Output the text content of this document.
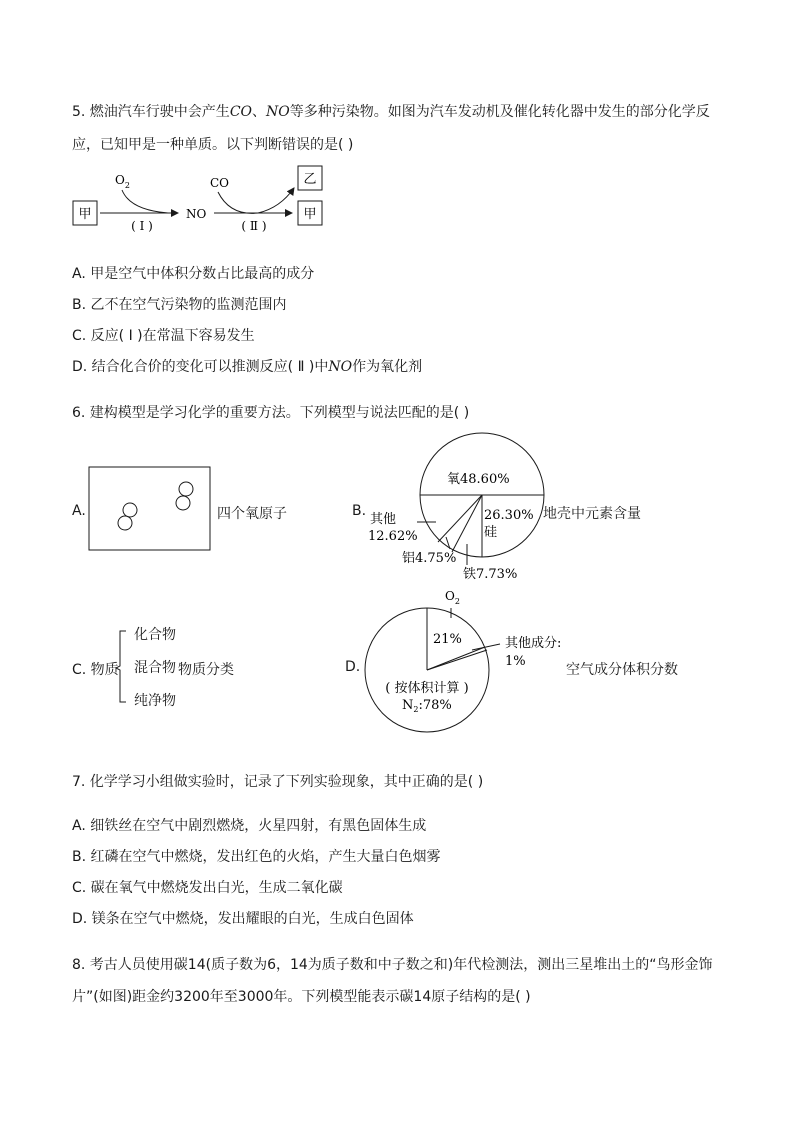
5. 燃油汽车行驶中会产生CO、NO等多种污染物。如图为汽车发动机及催化转化器中发生的部分化学反
应，已知甲是一种单质。以下判断错误的是( )
甲
$O_2$
( Ⅰ )
NO
CO
( Ⅱ )
乙
甲
A. 甲是空气中体积分数占比最高的成分
B. 乙不在空气污染物的监测范围内
C. 反应( Ⅰ )在常温下容易发生
D. 结合化合价的变化可以推测反应( Ⅱ )中NO作为氧化剂
6. 建构模型是学习化学的重要方法。下列模型与说法匹配的是( )
A.	四个氧原子	B.
氧48.60%
26.30%
硅
其他
12.62%
铝4.75%
铁7.73%
地壳中元素含量
C. 物质
化合物
混合物 物质分类
纯净物
D.
$O_2$
21%	其他成分:
1%
( 按体积计算 )
$N_2:78\%$
空气成分体积分数
7. 化学学习小组做实验时，记录了下列实验现象，其中正确的是( )
A. 细铁丝在空气中剧烈燃烧，火星四射，有黑色固体生成
B. 红磷在空气中燃烧，发出红色的火焰，产生大量白色烟雾
C. 碳在氧气中燃烧发出白光，生成二氧化碳
D. 镁条在空气中燃烧，发出耀眼的白光，生成白色固体
8. 考古人员使用碳14(质子数为6，14为质子数和中子数之和)年代检测法，测出三星堆出土的“鸟形金饰
片”(如图)距金约3200年至3000年。下列模型能表示碳14原子结构的是( )
